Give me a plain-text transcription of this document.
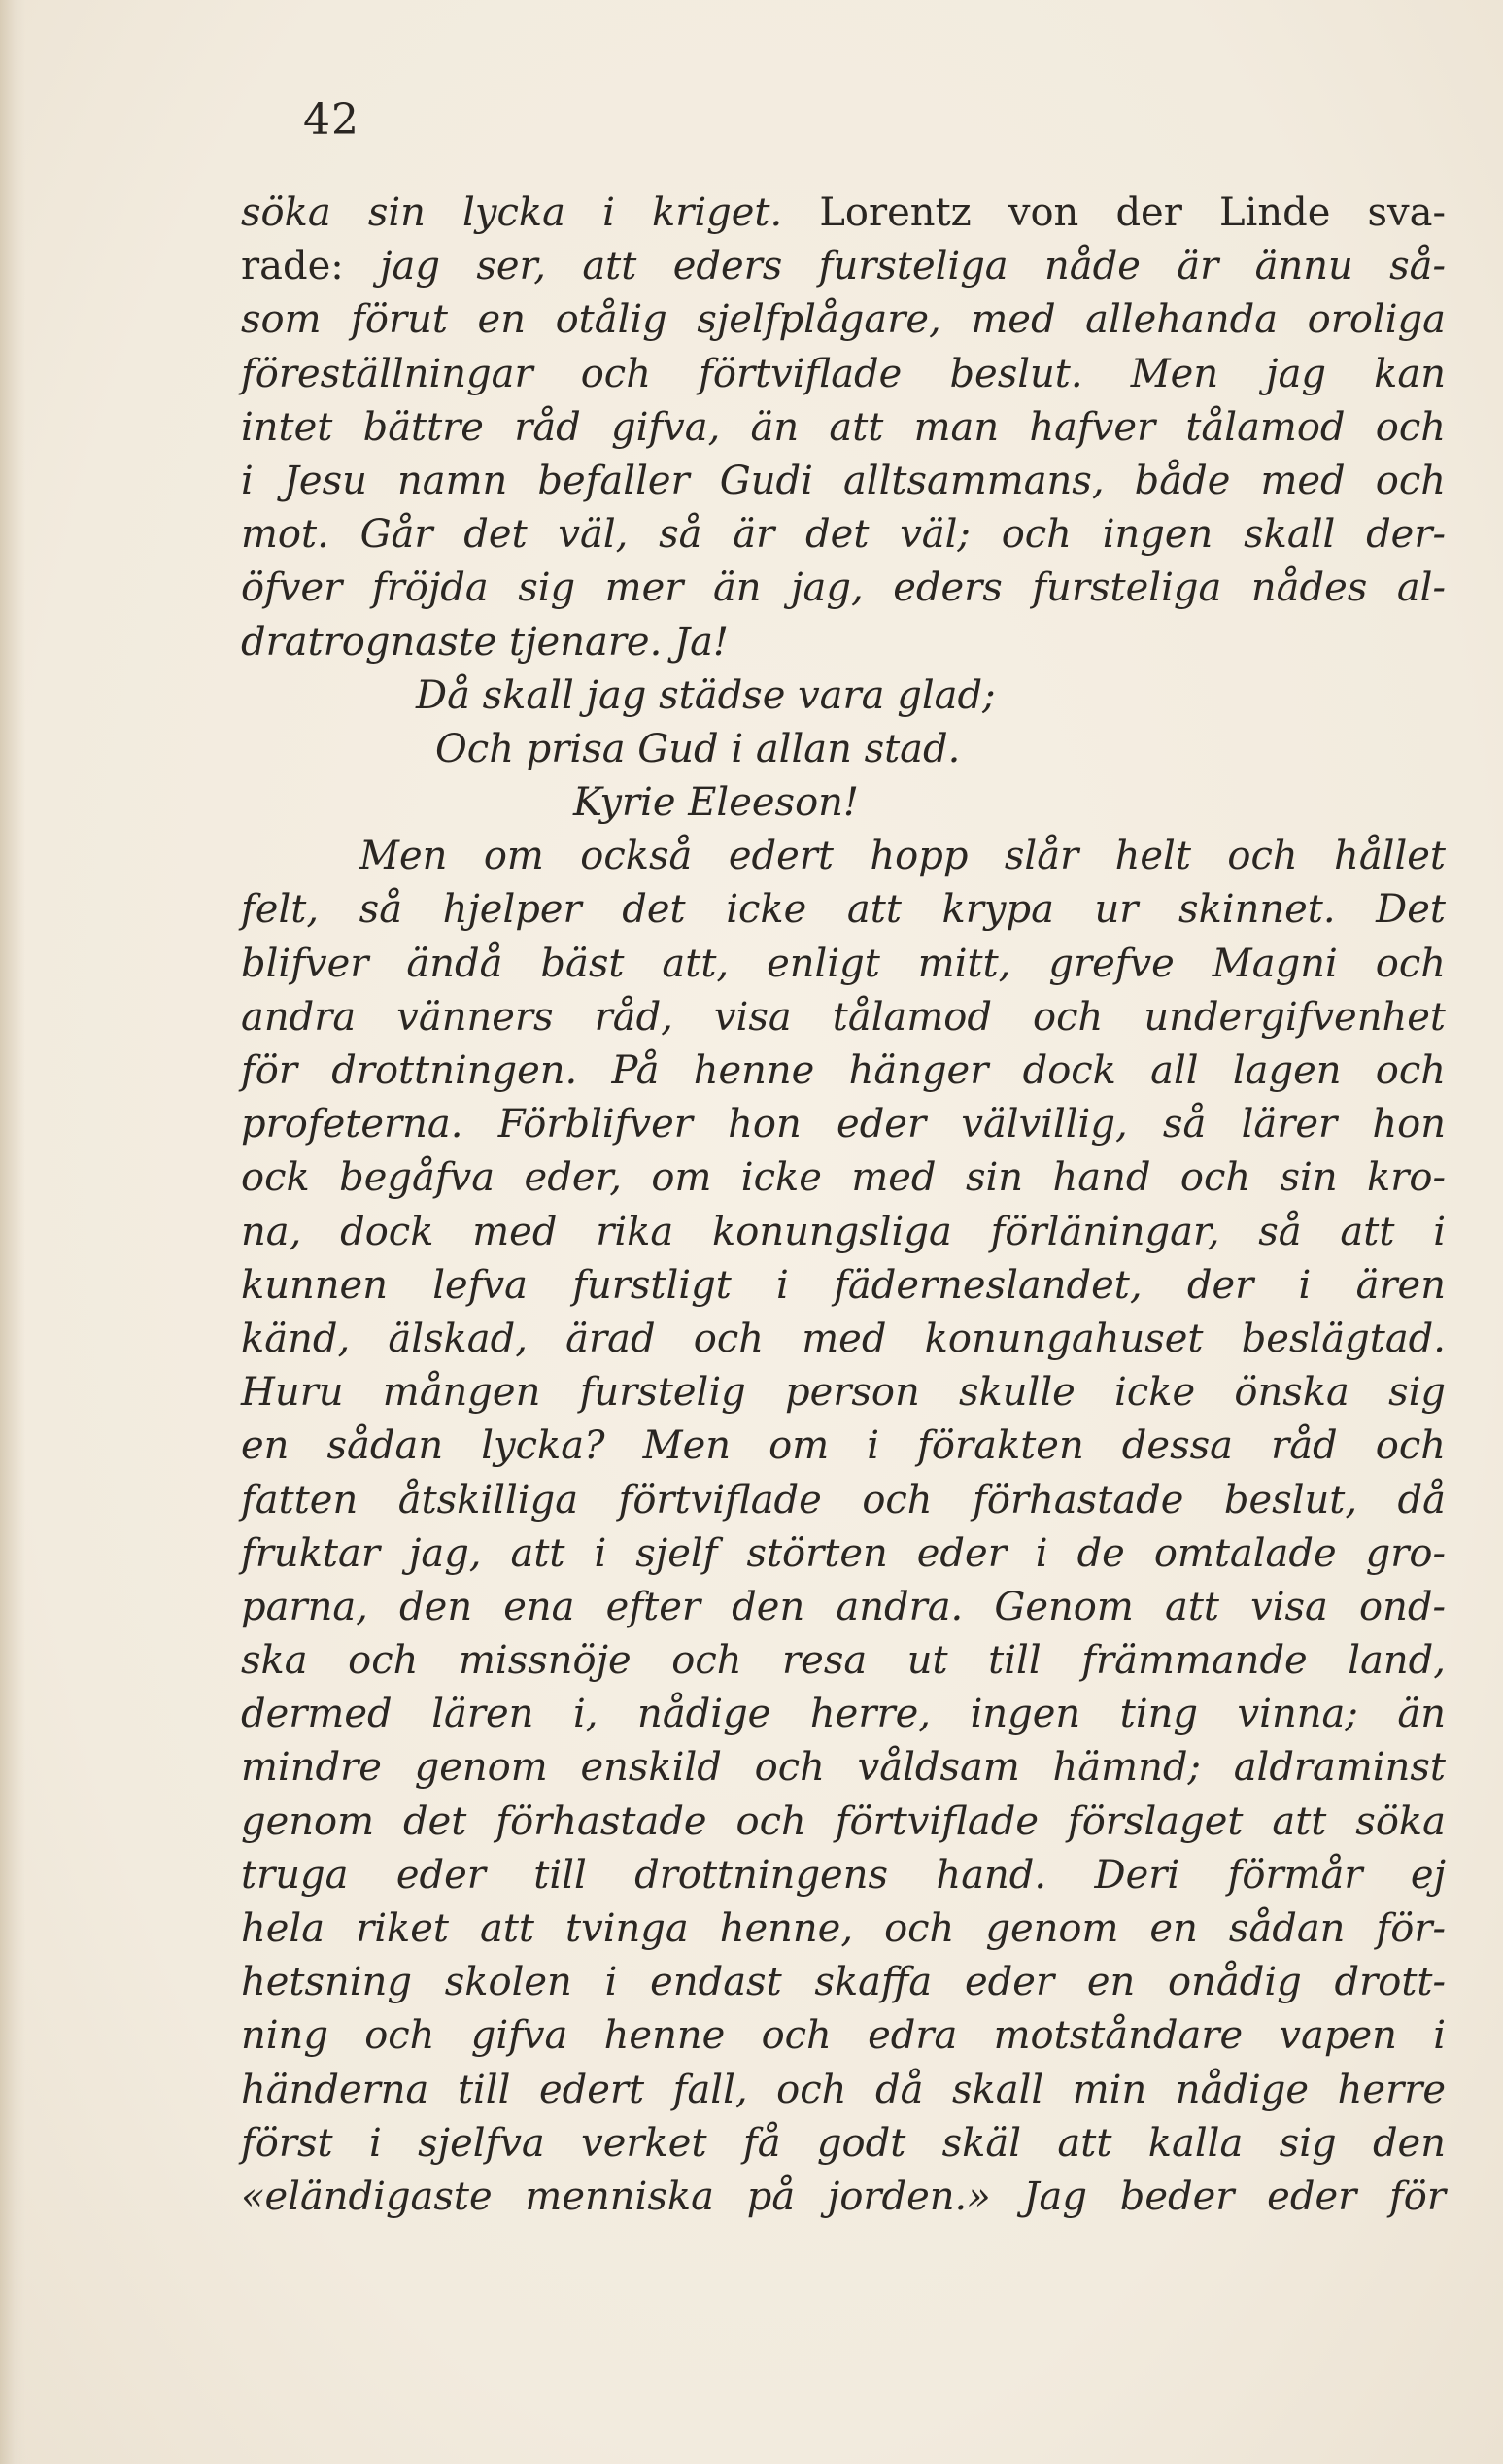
42
söka sin lycka i kriget. Lorentz von der Linde sva-
rade: jag ser, att eders fursteliga nåde är ännu så-
som förut en otålig sjelfplågare, med allehanda oroliga
föreställningar och förtviflade beslut. Men jag kan
intet bättre råd gifva, än att man hafver tålamod och
i Jesu namn befaller Gudi alltsammans, både med och
mot. Går det väl, så är det väl; och ingen skall der-
öfver fröjda sig mer än jag, eders fursteliga nådes al-
dratrognaste tjenare. Ja!
Då skall jag städse vara glad;
Och prisa Gud i allan stad.
Kyrie Eleeson!
Men om också edert hopp slår helt och hållet
felt, så hjelper det icke att krypa ur skinnet. Det
blifver ändå bäst att, enligt mitt, grefve Magni och
andra vänners råd, visa tålamod och undergifvenhet
för drottningen. På henne hänger dock all lagen och
profeterna. Förblifver hon eder välvillig, så lärer hon
ock begåfva eder, om icke med sin hand och sin kro-
na, dock med rika konungsliga förläningar, så att i
kunnen lefva furstligt i fäderneslandet, der i ären
känd, älskad, ärad och med konungahuset beslägtad.
Huru mången furstelig person skulle icke önska sig
en sådan lycka? Men om i förakten dessa råd och
fatten åtskilliga förtviflade och förhastade beslut, då
fruktar jag, att i sjelf störten eder i de omtalade gro-
parna, den ena efter den andra. Genom att visa ond-
ska och missnöje och resa ut till främmande land,
dermed lären i, nådige herre, ingen ting vinna; än
mindre genom enskild och våldsam hämnd; aldraminst
genom det förhastade och förtviflade förslaget att söka
truga eder till drottningens hand. Deri förmår ej
hela riket att tvinga henne, och genom en sådan för-
hetsning skolen i endast skaffa eder en onådig drott-
ning och gifva henne och edra motståndare vapen i
händerna till edert fall, och då skall min nådige herre
först i sjelfva verket få godt skäl att kalla sig den
«eländigaste menniska på jorden.» Jag beder eder för
